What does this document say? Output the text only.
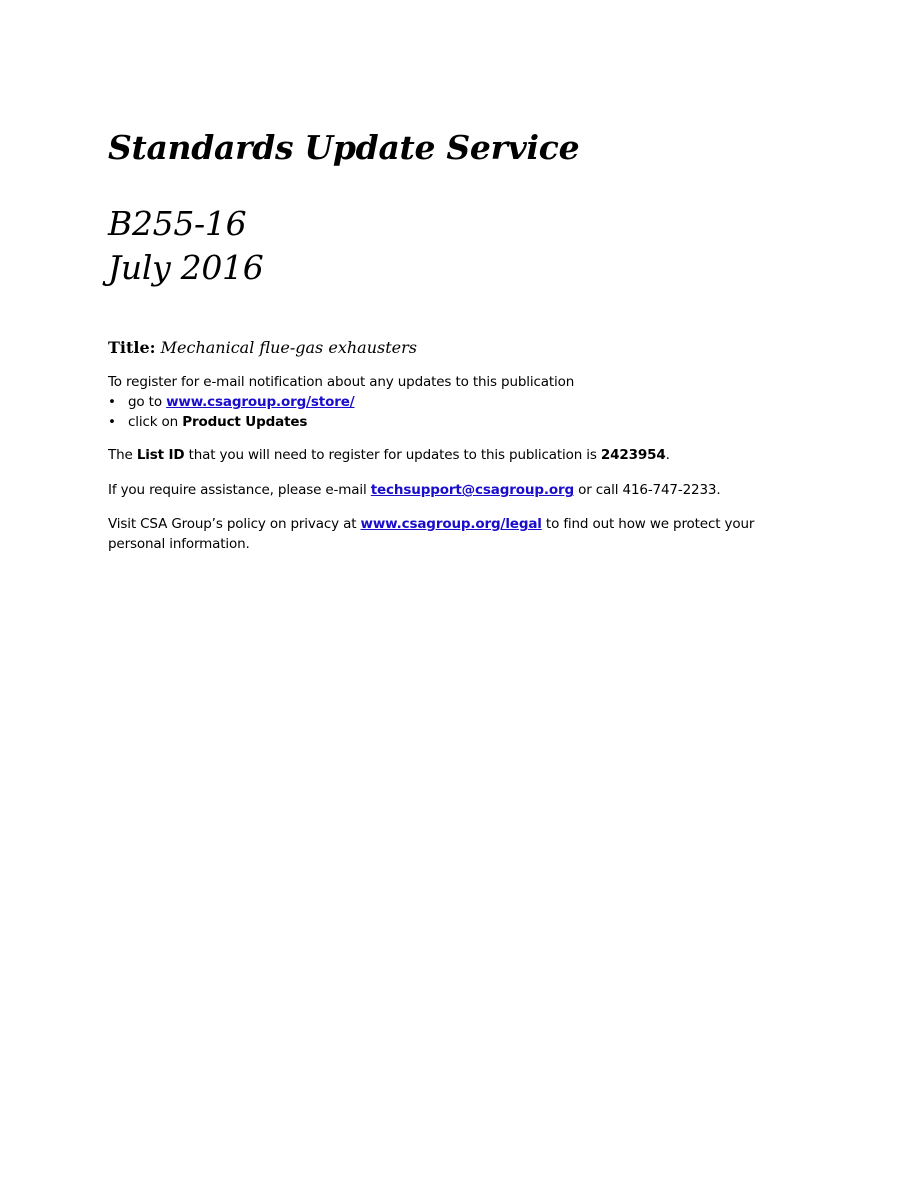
Standards Update Service
B255-16
July 2016
Title: Mechanical flue-gas exhausters
To register for e-mail notification about any updates to this publication
• go to www.csagroup.org/store/
• click on Product Updates
The List ID that you will need to register for updates to this publication is 2423954.
If you require assistance, please e-mail techsupport@csagroup.org or call 416-747-2233.
Visit CSA Group’s policy on privacy at www.csagroup.org/legal to find out how we protect your personal information.
